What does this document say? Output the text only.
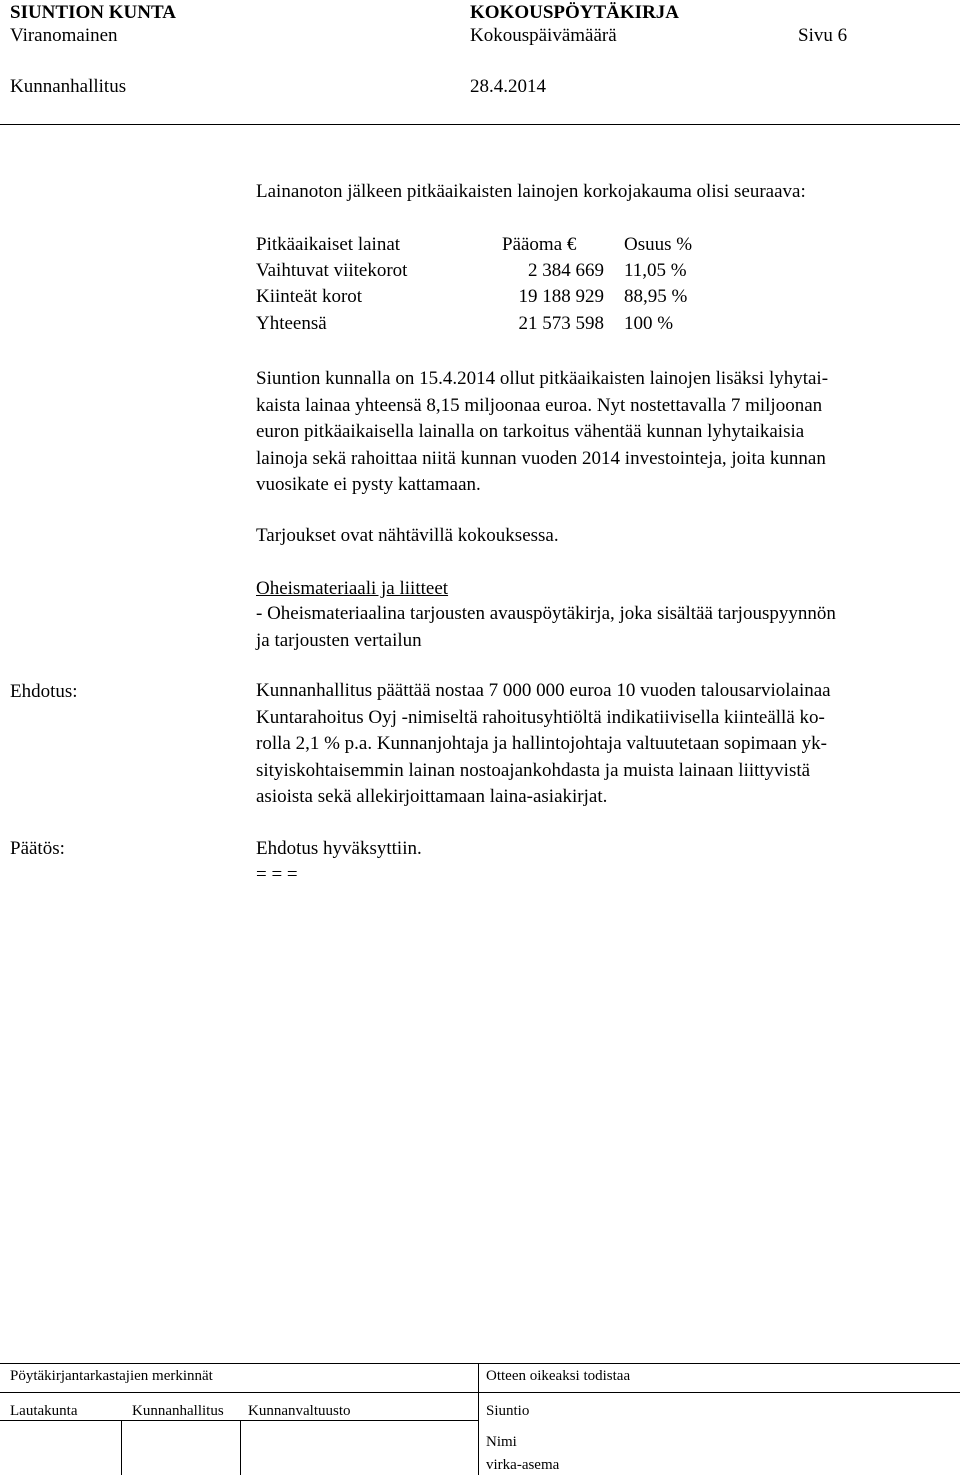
SIUNTION KUNTA	KOKOUSPÖYTÄKIRJA
Viranomainen	Kokouspäivämäärä	Sivu 6
Kunnanhallitus	28.4.2014
Lainanoton jälkeen pitkäaikaisten lainojen korkojakauma olisi seuraava:
Pitkäaikaiset lainat	Pääoma €	Osuus %
Vaihtuvat viitekorot	2 384 669 11,05 %
Kiinteät korot	19 188 929 88,95 %
Yhteensä	21 573 598 100 %
Siuntion kunnalla on 15.4.2014 ollut pitkäaikaisten lainojen lisäksi lyhytai-
kaista lainaa yhteensä 8,15 miljoonaa euroa. Nyt nostettavalla 7 miljoonan
euron pitkäaikaisella lainalla on tarkoitus vähentää kunnan lyhytaikaisia
lainoja sekä rahoittaa niitä kunnan vuoden 2014 investointeja, joita kunnan
vuosikate ei pysty kattamaan.
Tarjoukset ovat nähtävillä kokouksessa.
Oheismateriaali ja liitteet
- Oheismateriaalina tarjousten avauspöytäkirja, joka sisältää tarjouspyynnön
ja tarjousten vertailun
Ehdotus:	Kunnanhallitus päättää nostaa 7 000 000 euroa 10 vuoden talousarviolainaa
Kuntarahoitus Oyj -nimiseltä rahoitusyhtiöltä indikatiivisella kiinteällä ko-
rolla 2,1 % p.a. Kunnanjohtaja ja hallintojohtaja valtuutetaan sopimaan yk-
sityiskohtaisemmin lainan nostoajankohdasta ja muista lainaan liittyvistä
asioista sekä allekirjoittamaan laina-asiakirjat.
Päätös:	Ehdotus hyväksyttiin.
= = =
Pöytäkirjantarkastajien merkinnät	Otteen oikeaksi todistaa
Lautakunta	Kunnanhallitus Kunnanvaltuusto	Siuntio
Nimi
virka-asema
